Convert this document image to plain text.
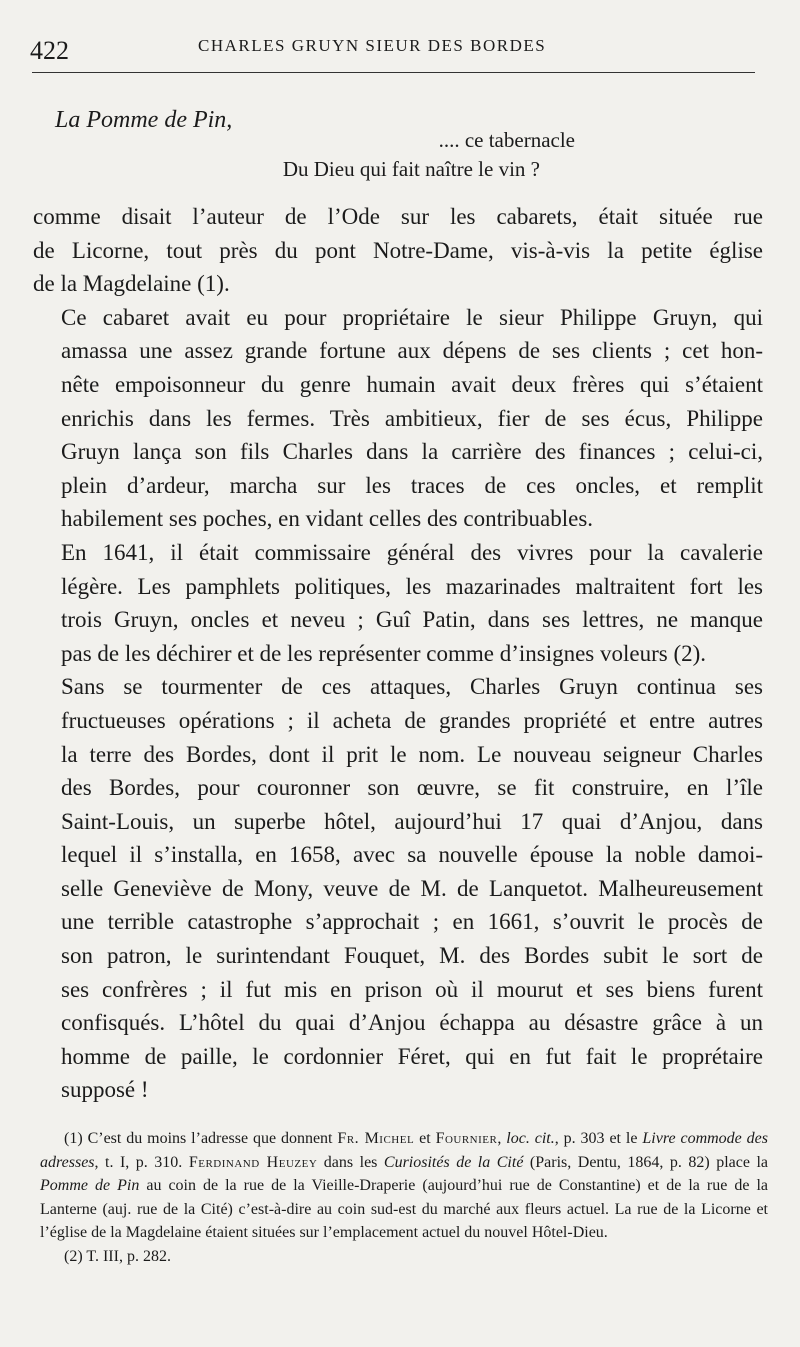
422	CHARLES GRUYN SIEUR DES BORDES
La Pomme de Pin,
.... ce tabernacle
Du Dieu qui fait naître le vin ?

comme disait l’auteur de l’Ode sur les cabarets, était située rue
de Licorne, tout près du pont Notre-Dame, vis-à-vis la petite église
de la Magdelaine (1).

Ce cabaret avait eu pour propriétaire le sieur Philippe Gruyn, qui
amassa une assez grande fortune aux dépens de ses clients ; cet hon-
nête empoisonneur du genre humain avait deux frères qui s’étaient
enrichis dans les fermes. Très ambitieux, fier de ses écus, Philippe
Gruyn lança son fils Charles dans la carrière des finances ; celui-ci,
plein d’ardeur, marcha sur les traces de ces oncles, et remplit
habilement ses poches, en vidant celles des contribuables.

En 1641, il était commissaire général des vivres pour la cavalerie
légère. Les pamphlets politiques, les mazarinades maltraitent fort les
trois Gruyn, oncles et neveu ; Guî Patin, dans ses lettres, ne manque
pas de les déchirer et de les représenter comme d’insignes voleurs (2).

Sans se tourmenter de ces attaques, Charles Gruyn continua ses
fructueuses opérations ; il acheta de grandes propriété et entre autres
la terre des Bordes, dont il prit le nom. Le nouveau seigneur Charles
des Bordes, pour couronner son œuvre, se fit construire, en l’île
Saint-Louis, un superbe hôtel, aujourd’hui 17 quai d’Anjou, dans
lequel il s’installa, en 1658, avec sa nouvelle épouse la noble damoi-
selle Geneviève de Mony, veuve de M. de Lanquetot. Malheureusement
une terrible catastrophe s’approchait ; en 1661, s’ouvrit le procès de
son patron, le surintendant Fouquet, M. des Bordes subit le sort de
ses confrères ; il fut mis en prison où il mourut et ses biens furent
confisqués. L’hôtel du quai d’Anjou échappa au désastre grâce à un
homme de paille, le cordonnier Féret, qui en fut fait le proprétaire
supposé !

(1) C’est du moins l’adresse que donnent Fr. Michel et Fournier, loc. cit., p. 303 et le Livre commode des adresses, t. I, p. 310. Ferdinand Heuzey dans les Curiosités de la Cité (Paris, Dentu, 1864, p. 82) place la Pomme de Pin au coin de la rue de la Vieille-Draperie (aujourd’hui rue de Constantine) et de la rue de la Lanterne (auj. rue de la Cité) c’est-à-dire au coin sud-est du marché aux fleurs actuel. La rue de la Licorne et l’église de la Magdelaine étaient situées sur l’emplacement actuel du nouvel Hôtel-Dieu.

(2) T. III, p. 282.
